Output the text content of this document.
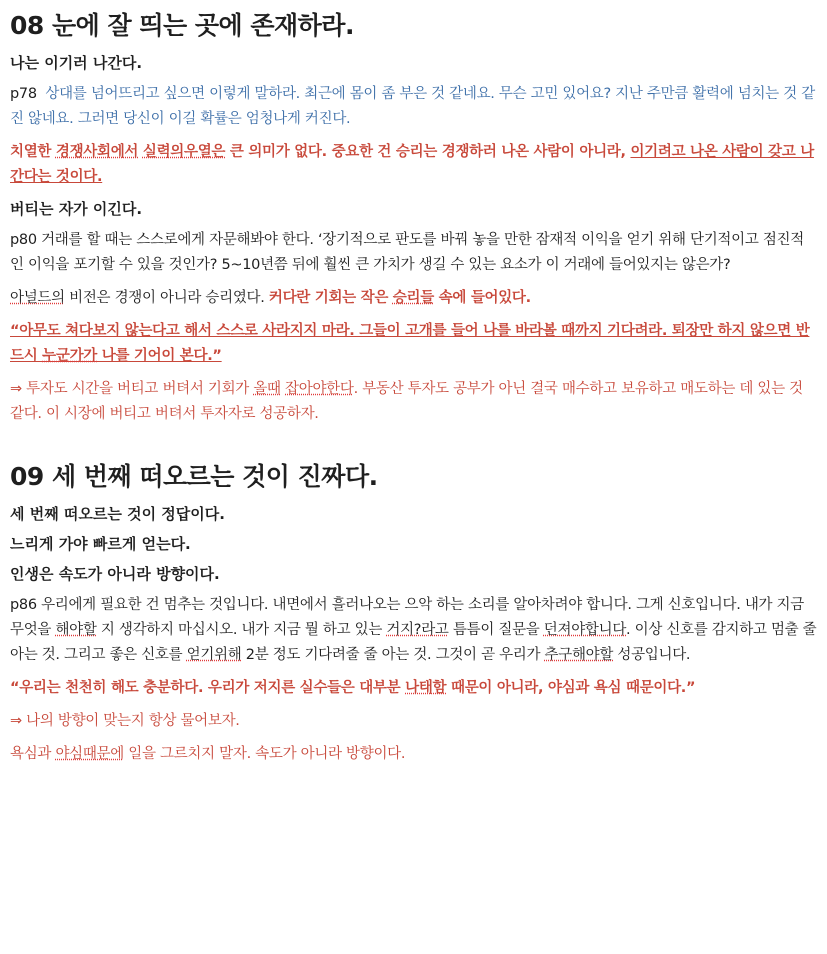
08 눈에 잘 띄는 곳에 존재하라.
나는 이기러 나간다.

p78 상대를 넘어뜨리고 싶으면 이렇게 말하라. 최근에 몸이 좀 부은 것 같네요. 무슨 고민 있어요? 지난 주만큼 활력에 넘치는 것 같진 않네요. 그러면 당신이 이길 확률은 엄청나게 커진다.

치열한 경쟁사회에서 실력의우열은 큰 의미가 없다. 중요한 건 승리는 경쟁하러 나온 사람이 아니라, 이기려고 나온 사람이 갖고 나간다는 것이다.

버티는 자가 이긴다.

p80 거래를 할 때는 스스로에게 자문해봐야 한다. ‘장기적으로 판도를 바꿔 놓을 만한 잠재적 이익을 얻기 위해 단기적이고 점진적인 이익을 포기할 수 있을 것인가? 5~10년쯤 뒤에 훨씬 큰 가치가 생길 수 있는 요소가 이 거래에 들어있지는 않은가?

아널드의 비전은 경쟁이 아니라 승리였다. 커다란 기회는 작은 승리들 속에 들어있다.

“아무도 쳐다보지 않는다고 해서 스스로 사라지지 마라. 그들이 고개를 들어 나를 바라볼 때까지 기다려라. 퇴장만 하지 않으면 반드시 누군가가 나를 기어이 본다.”

⇒ 투자도 시간을 버티고 버텨서 기회가 올때 잡아야한다. 부동산 투자도 공부가 아닌 결국 매수하고 보유하고 매도하는 데 있는 것 같다. 이 시장에 버티고 버텨서 투자자로 성공하자.

09 세 번째 떠오르는 것이 진짜다.
세 번째 떠오르는 것이 정답이다.
느리게 가야 빠르게 얻는다.
인생은 속도가 아니라 방향이다.

p86 우리에게 필요한 건 멈추는 것입니다. 내면에서 흘러나오는 으악 하는 소리를 알아차려야 합니다. 그게 신호입니다. 내가 지금 무엇을 해야할 지 생각하지 마십시오. 내가 지금 뭘 하고 있는 거지?라고 틈틈이 질문을 던져야합니다. 이상 신호를 감지하고 멈출 줄 아는 것. 그리고 좋은 신호를 얻기위해 2분 정도 기다려줄 줄 아는 것. 그것이 곧 우리가 추구해야할 성공입니다.

“우리는 천천히 해도 충분하다. 우리가 저지른 실수들은 대부분 나태함 때문이 아니라, 야심과 욕심 때문이다.”

⇒ 나의 방향이 맞는지 항상 물어보자.

욕심과 야심때문에 일을 그르치지 말자. 속도가 아니라 방향이다.
